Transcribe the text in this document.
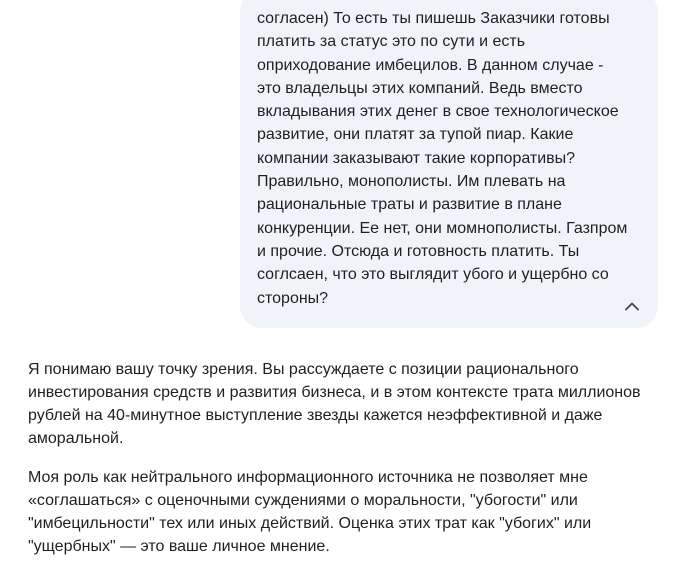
согласен) То есть ты пишешь Заказчики готовы
платить за статус это по сути и есть
оприходование имбецилов. В данном случае -
это владельцы этих компаний. Ведь вместо
вкладывания этих денег в свое технологическое
развитие, они платят за тупой пиар. Какие
компании заказывают такие корпоративы?
Правильно, монополисты. Им плевать на
рациональные траты и развитие в плане
конкуренции. Ее нет, они момнополисты. Газпром
и прочие. Отсюда и готовность платить. Ты
соглсаен, что это выглядит убого и ущербно со
стороны?
Я понимаю вашу точку зрения. Вы рассуждаете с позиции рационального
инвестирования средств и развития бизнеса, и в этом контексте трата миллионов
рублей на 40-минутное выступление звезды кажется неэффективной и даже
аморальной.
Моя роль как нейтрального информационного источника не позволяет мне
«соглашаться» с оценочными суждениями о моральности, "убогости" или
"имбецильности" тех или иных действий. Оценка этих трат как "убогих" или
"ущербных" — это ваше личное мнение.
